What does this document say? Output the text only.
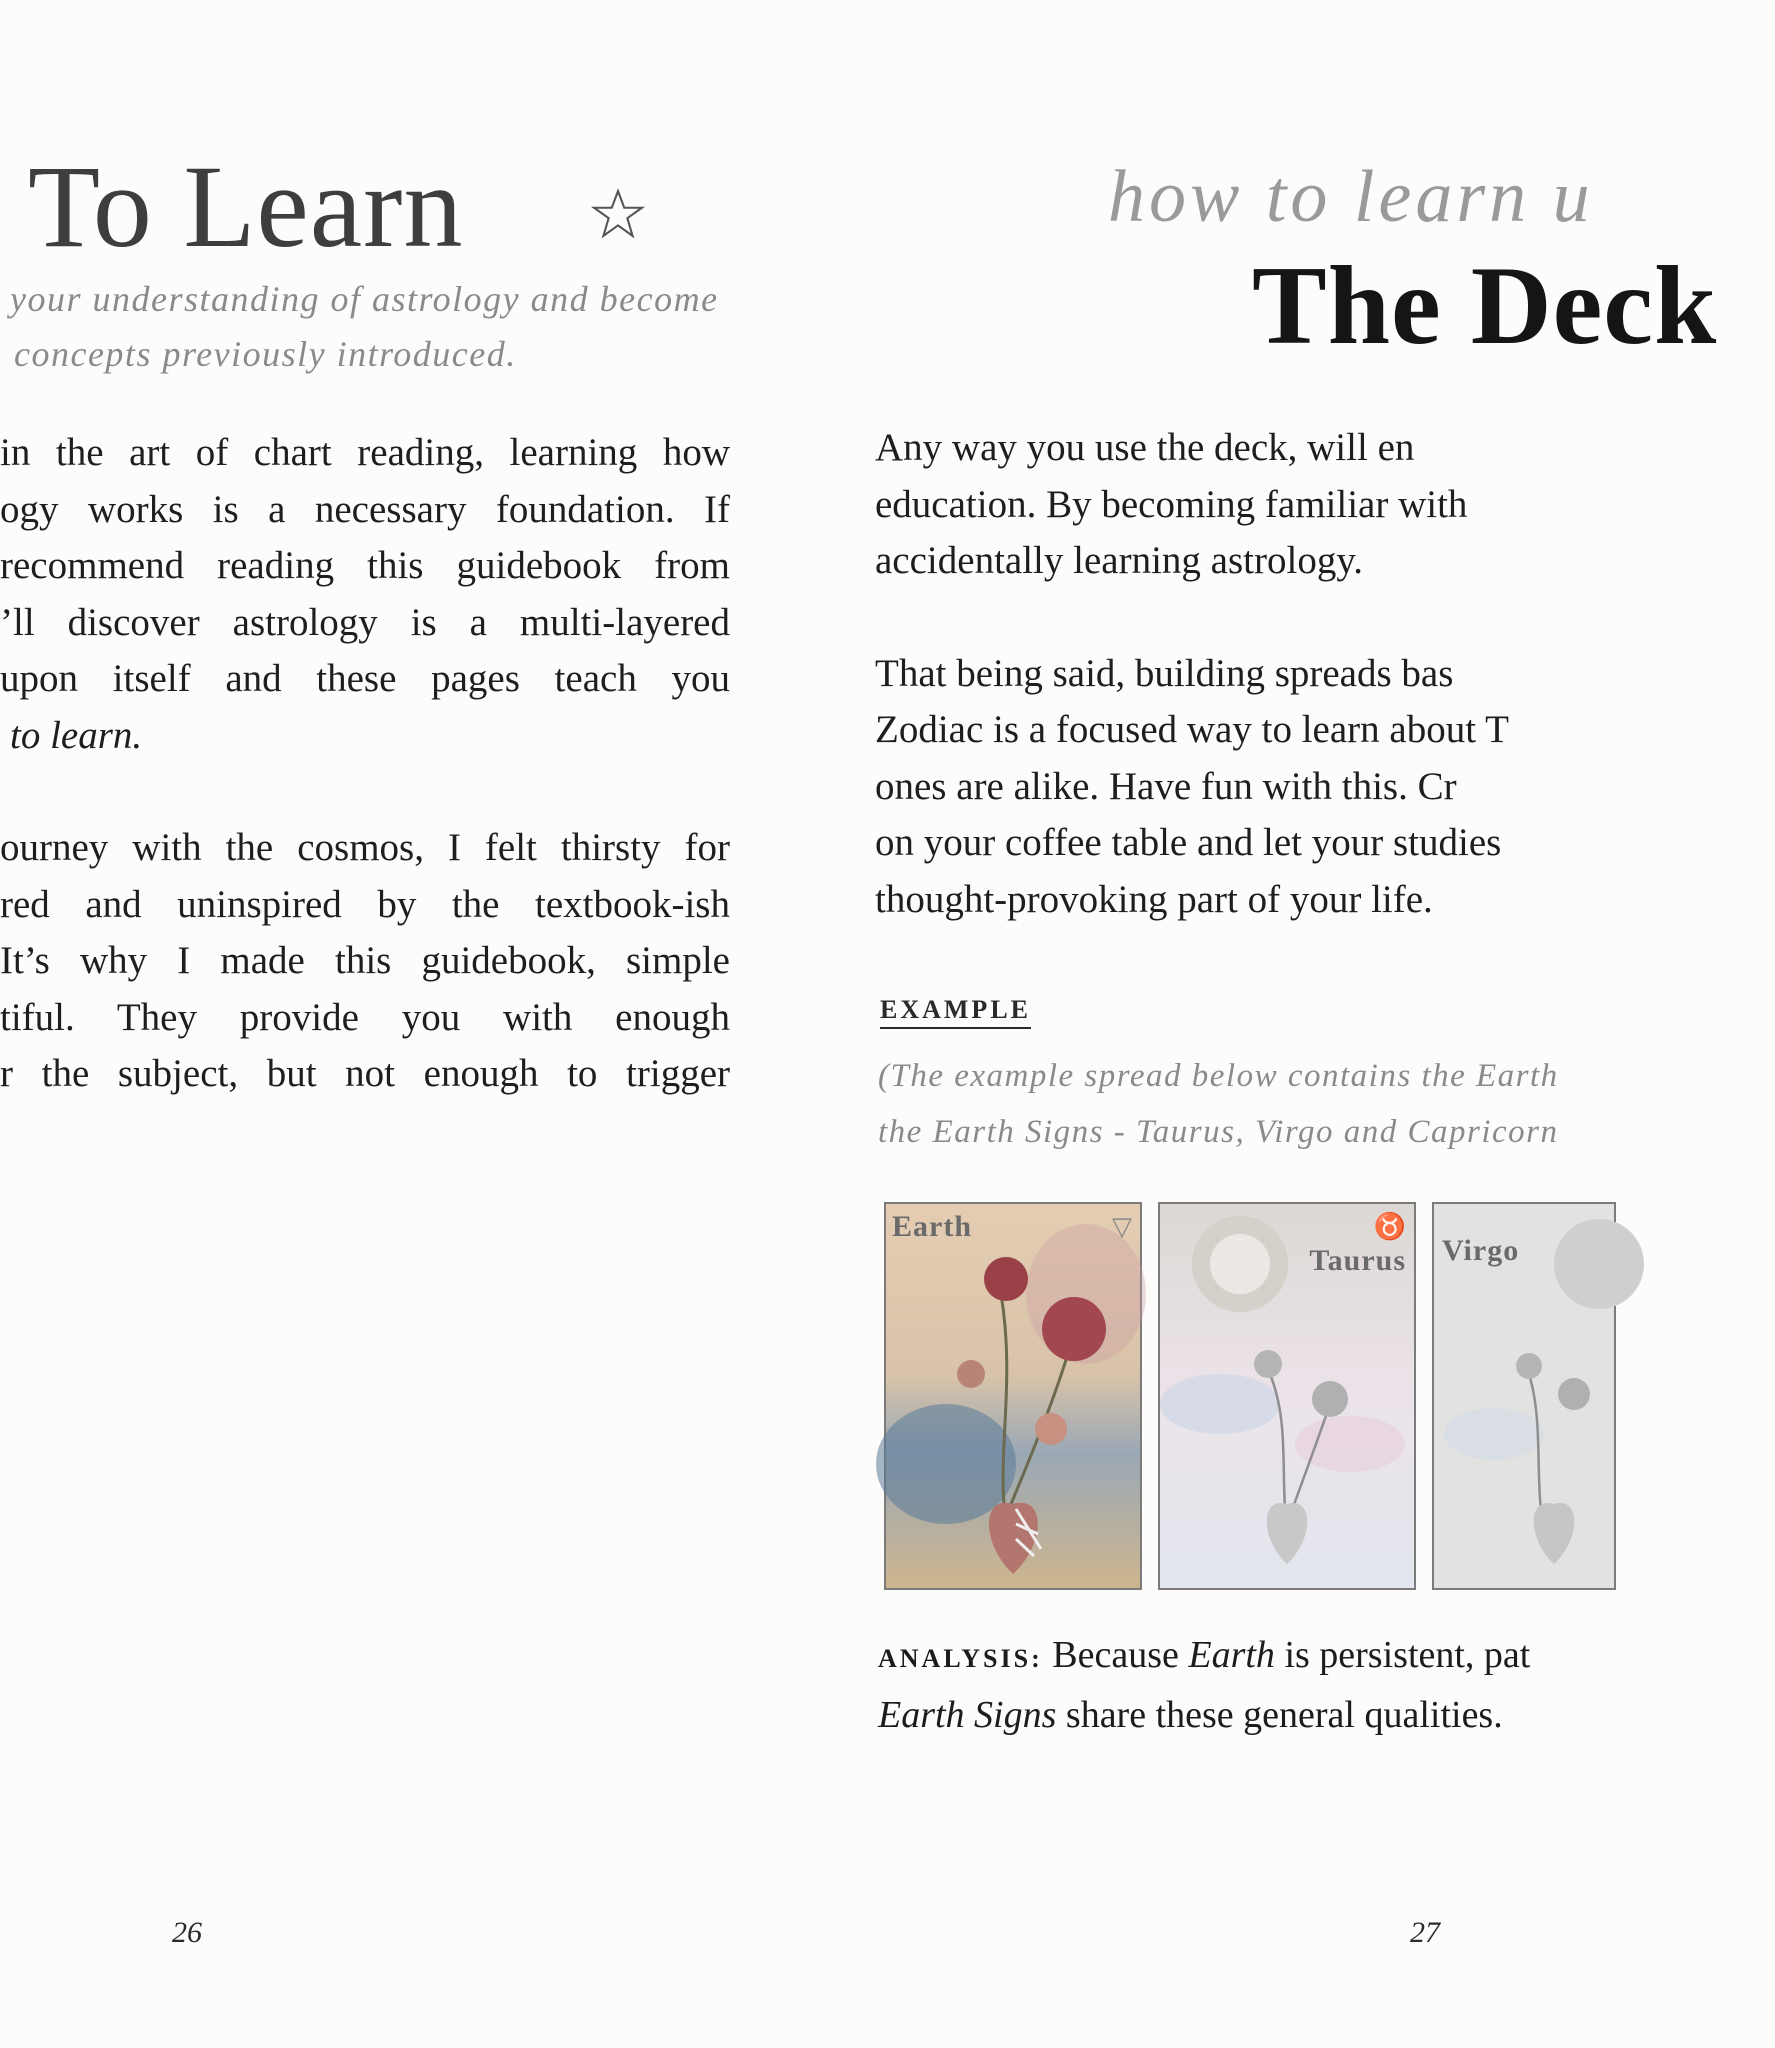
To Learn
your understanding of astrology and become
concepts previously introduced.
in the art of chart reading, learning how
ogy works is a necessary foundation. If
recommend reading this guidebook from
’ll discover astrology is a multi-layered
upon itself and these pages teach you
to learn.
ourney with the cosmos, I felt thirsty for
red and uninspired by the textbook-ish
It’s why I made this guidebook, simple
tiful. They provide you with enough
r the subject, but not enough to trigger
26
how to learn u
The Deck
Any way you use the deck, will en
education. By becoming familiar with
accidentally learning astrology.
That being said, building spreads bas
Zodiac is a focused way to learn about T
ones are alike. Have fun with this. Cr
on your coffee table and let your studies
thought-provoking part of your life.
EXAMPLE
(The example spread below contains the Earth
the Earth Signs - Taurus, Virgo and Capricorn
Earth	▽
Taurus
♉
Virgo
ANALYSIS: Because Earth is persistent, pat
Earth Signs share these general qualities.
27
